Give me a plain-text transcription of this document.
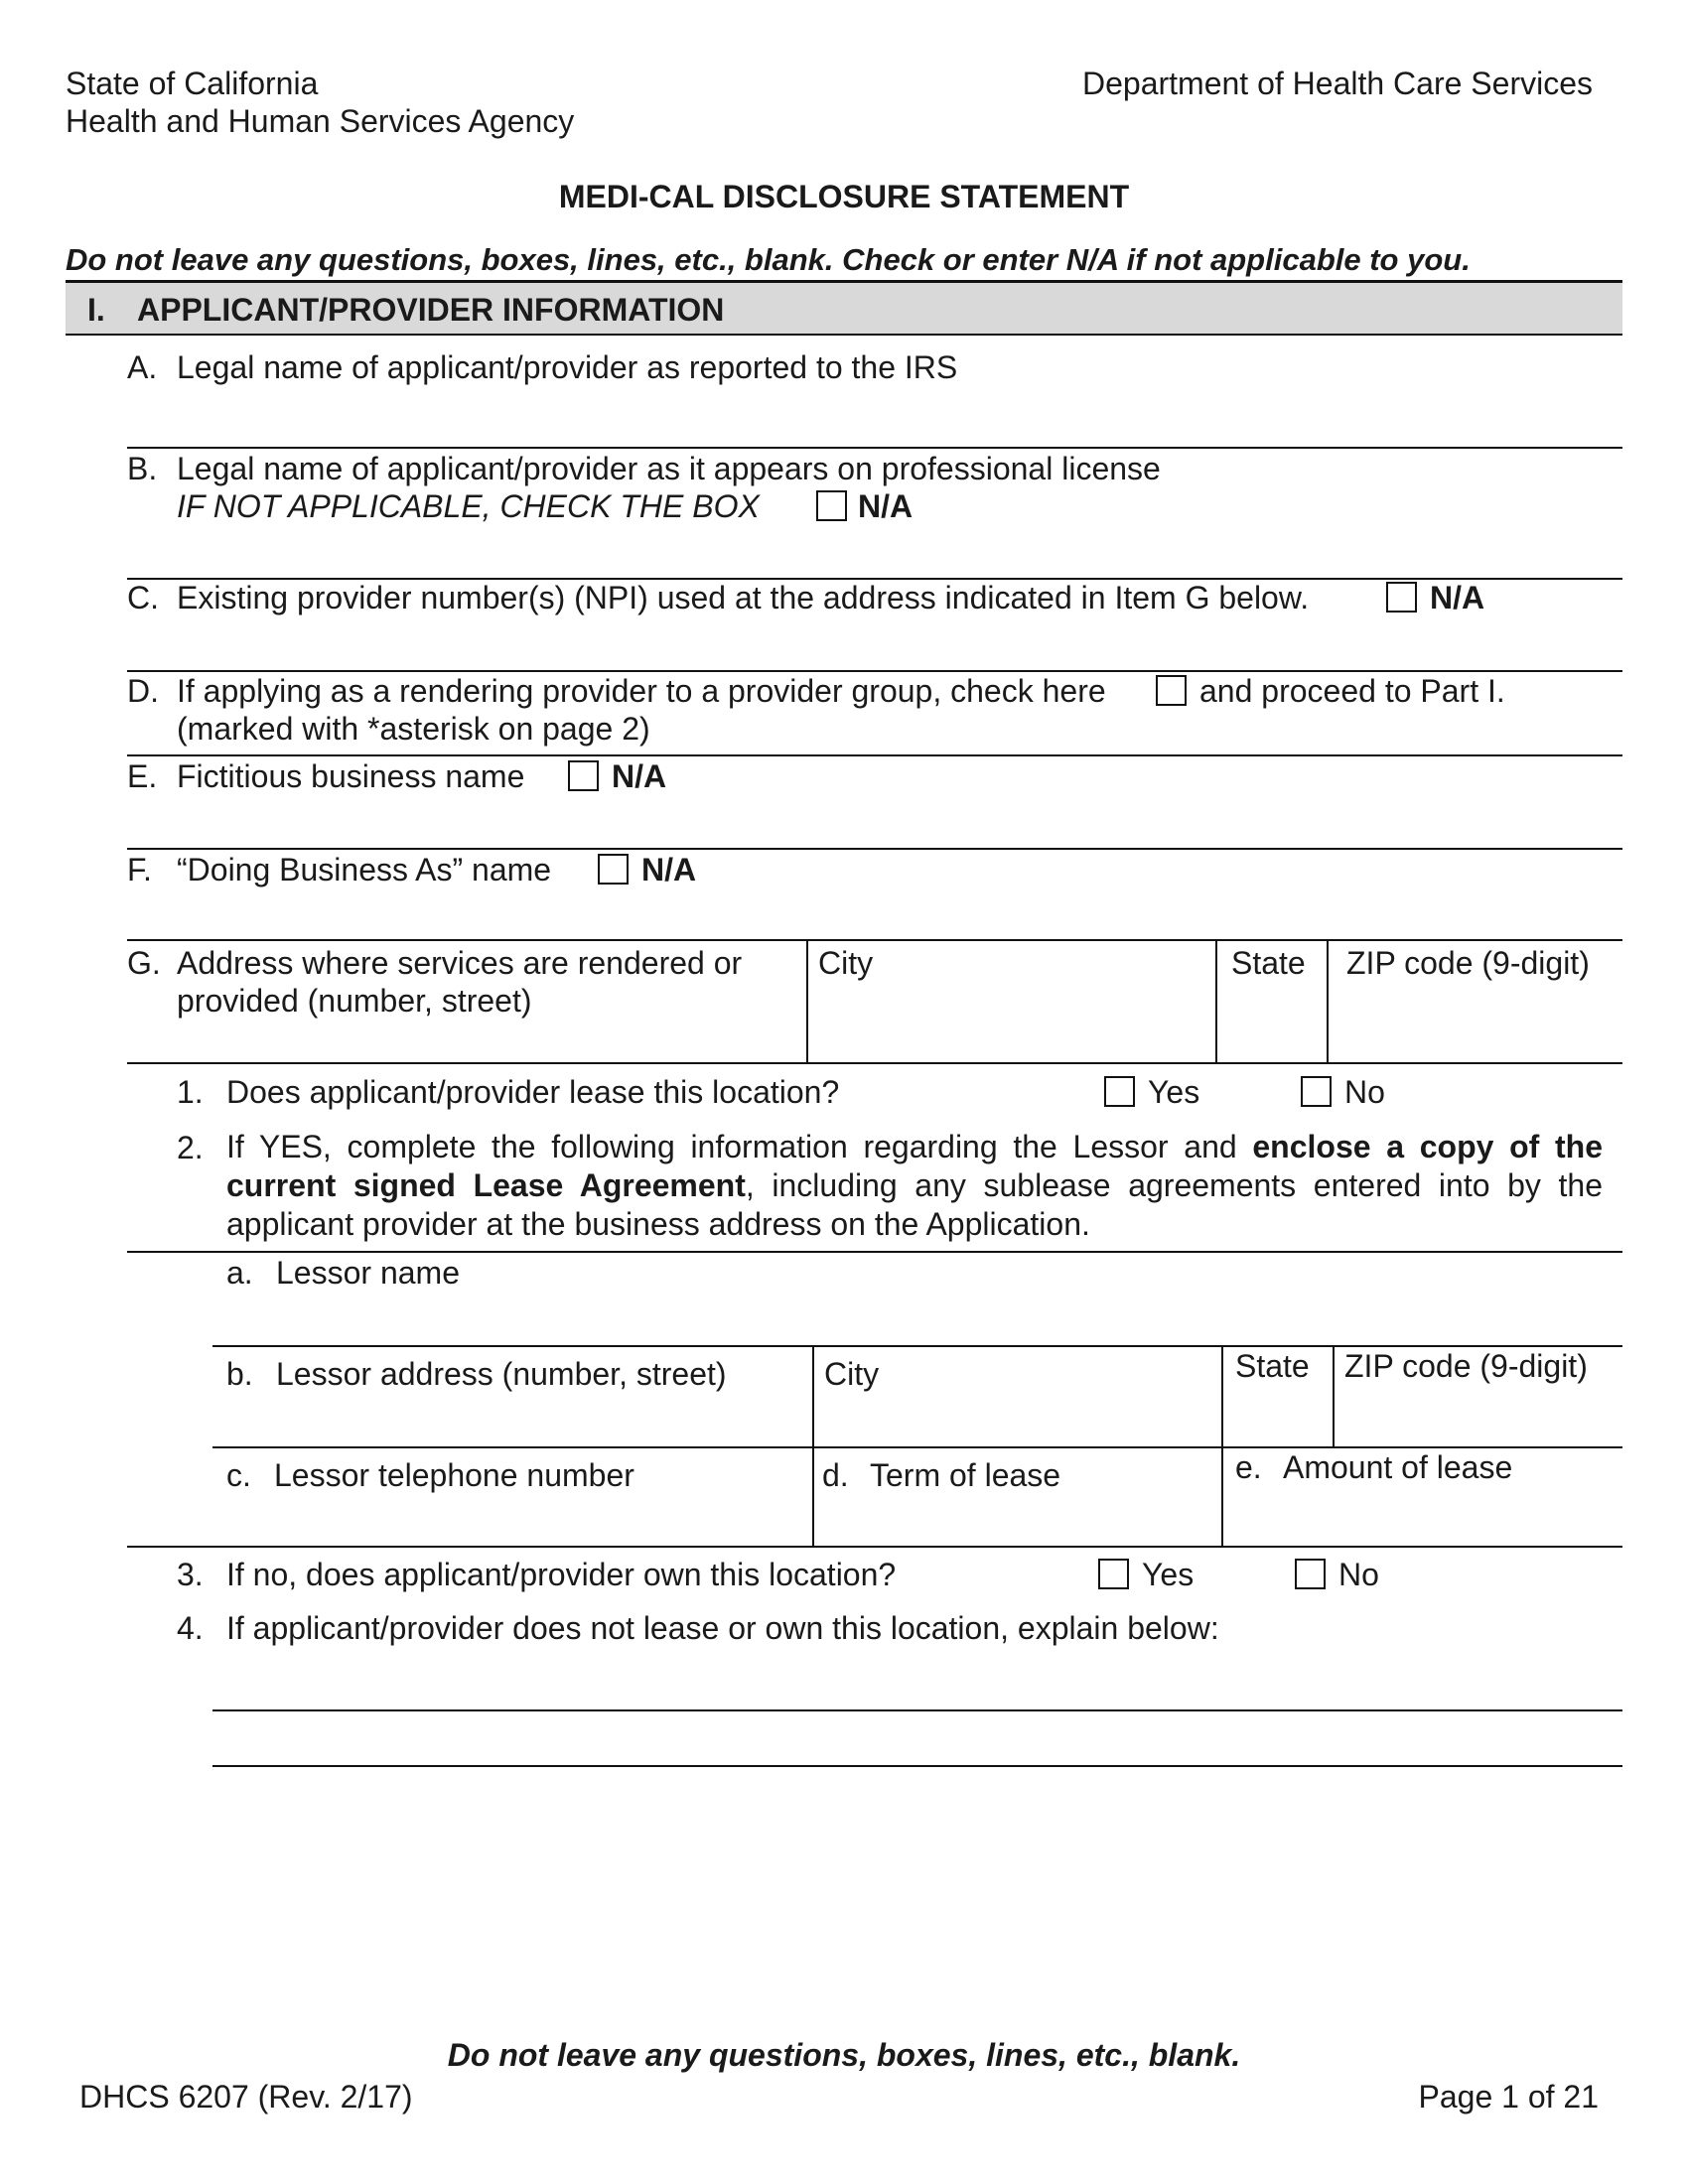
State of California
Health and Human Services Agency
Department of Health Care Services
MEDI-CAL DISCLOSURE STATEMENT
Do not leave any questions, boxes, lines, etc., blank. Check or enter N/A if not applicable to you.
I. APPLICANT/PROVIDER INFORMATION
A. Legal name of applicant/provider as reported to the IRS
B. Legal name of applicant/provider as it appears on professional license
IF NOT APPLICABLE, CHECK THE BOX	N/A
C. Existing provider number(s) (NPI) used at the address indicated in Item G below.	N/A
D. If applying as a rendering provider to a provider group, check here	and proceed to Part I.
(marked with *asterisk on page 2)
E. Fictitious business name	N/A
F. “Doing Business As” name	N/A
G. Address where services are rendered or
provided (number, street)
City	State ZIP code (9-digit)
1. Does applicant/provider lease this location?	Yes	No
2. If YES, complete the following information regarding the Lessor and enclose a copy of the current signed Lease Agreement, including any sublease agreements entered into by the applicant provider at the business address on the Application.
a. Lessor name
b. Lessor address (number, street)	City	State ZIP code (9-digit)
c. Lessor telephone number	d. Term of lease	e. Amount of lease
3. If no, does applicant/provider own this location?	Yes	No
4. If applicant/provider does not lease or own this location, explain below:
Do not leave any questions, boxes, lines, etc., blank.
DHCS 6207 (Rev. 2/17)	Page 1 of 21
